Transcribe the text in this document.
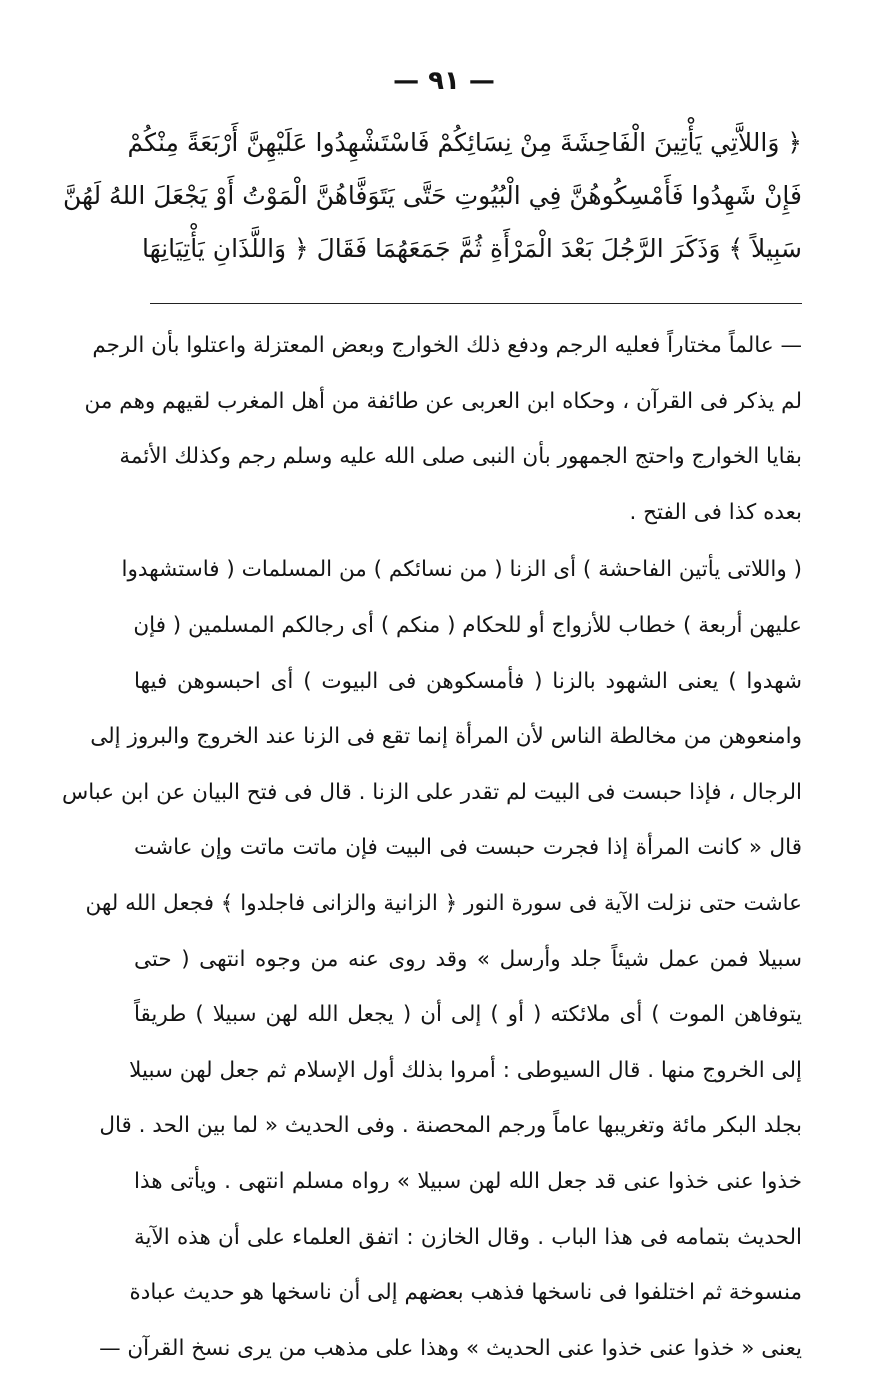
— ٩١ —
﴿ وَاللاَّتِي يَأْتِينَ الْفَاحِشَةَ مِنْ نِسَائِكُمْ فَاسْتَشْهِدُوا عَلَيْهِنَّ أَرْبَعَةً مِنْكُمْ
فَإِنْ شَهِدُوا فَأَمْسِكُوهُنَّ فِي الْبُيُوتِ حَتَّى يَتَوَفَّاهُنَّ الْمَوْتُ أَوْ يَجْعَلَ اللهُ لَهُنَّ
سَبِيلاً ﴾ وَذَكَرَ الرَّجُلَ بَعْدَ الْمَرْأَةِ ثُمَّ جَمَعَهُمَا فَقَالَ ﴿ وَاللَّذَانِ يَأْتِيَانِهَا
— عالماً مختاراً فعليه الرجم ودفع ذلك الخوارج وبعض المعتزلة واعتلوا بأن الرجم
لم يذكر فى القرآن ، وحكاه ابن العربى عن طائفة من أهل المغرب لقيهم وهم من
بقايا الخوارج واحتج الجمهور بأن النبى صلى الله عليه وسلم رجم وكذلك الأئمة
بعده كذا فى الفتح .
( واللاتى يأتين الفاحشة ) أى الزنا ( من نسائكم ) من المسلمات ( فاستشهدوا
عليهن أربعة ) خطاب للأزواج أو للحكام ( منكم ) أى رجالكم المسلمين ( فإن
شهدوا ) يعنى الشهود بالزنا ( فأمسكوهن فى البيوت ) أى احبسوهن فيها
وامنعوهن من مخالطة الناس لأن المرأة إنما تقع فى الزنا عند الخروج والبروز إلى
الرجال ، فإذا حبست فى البيت لم تقدر على الزنا . قال فى فتح البيان عن ابن عباس
قال « كانت المرأة إذا فجرت حبست فى البيت فإن ماتت ماتت وإن عاشت
عاشت حتى نزلت الآية فى سورة النور ﴿ الزانية والزانى فاجلدوا ﴾ فجعل الله لهن
سبيلا فمن عمل شيئاً جلد وأرسل » وقد روى عنه من وجوه انتهى ( حتى
يتوفاهن الموت ) أى ملائكته ( أو ) إلى أن ( يجعل الله لهن سبيلا ) طريقاً
إلى الخروج منها . قال السيوطى : أمروا بذلك أول الإسلام ثم جعل لهن سبيلا
بجلد البكر مائة وتغريبها عاماً ورجم المحصنة . وفى الحديث « لما بين الحد . قال
خذوا عنى خذوا عنى قد جعل الله لهن سبيلا » رواه مسلم انتهى . ويأتى هذا
الحديث بتمامه فى هذا الباب . وقال الخازن : اتفق العلماء على أن هذه الآية
منسوخة ثم اختلفوا فى ناسخها فذهب بعضهم إلى أن ناسخها هو حديث عبادة
يعنى « خذوا عنى خذوا عنى الحديث » وهذا على مذهب من يرى نسخ القرآن —
